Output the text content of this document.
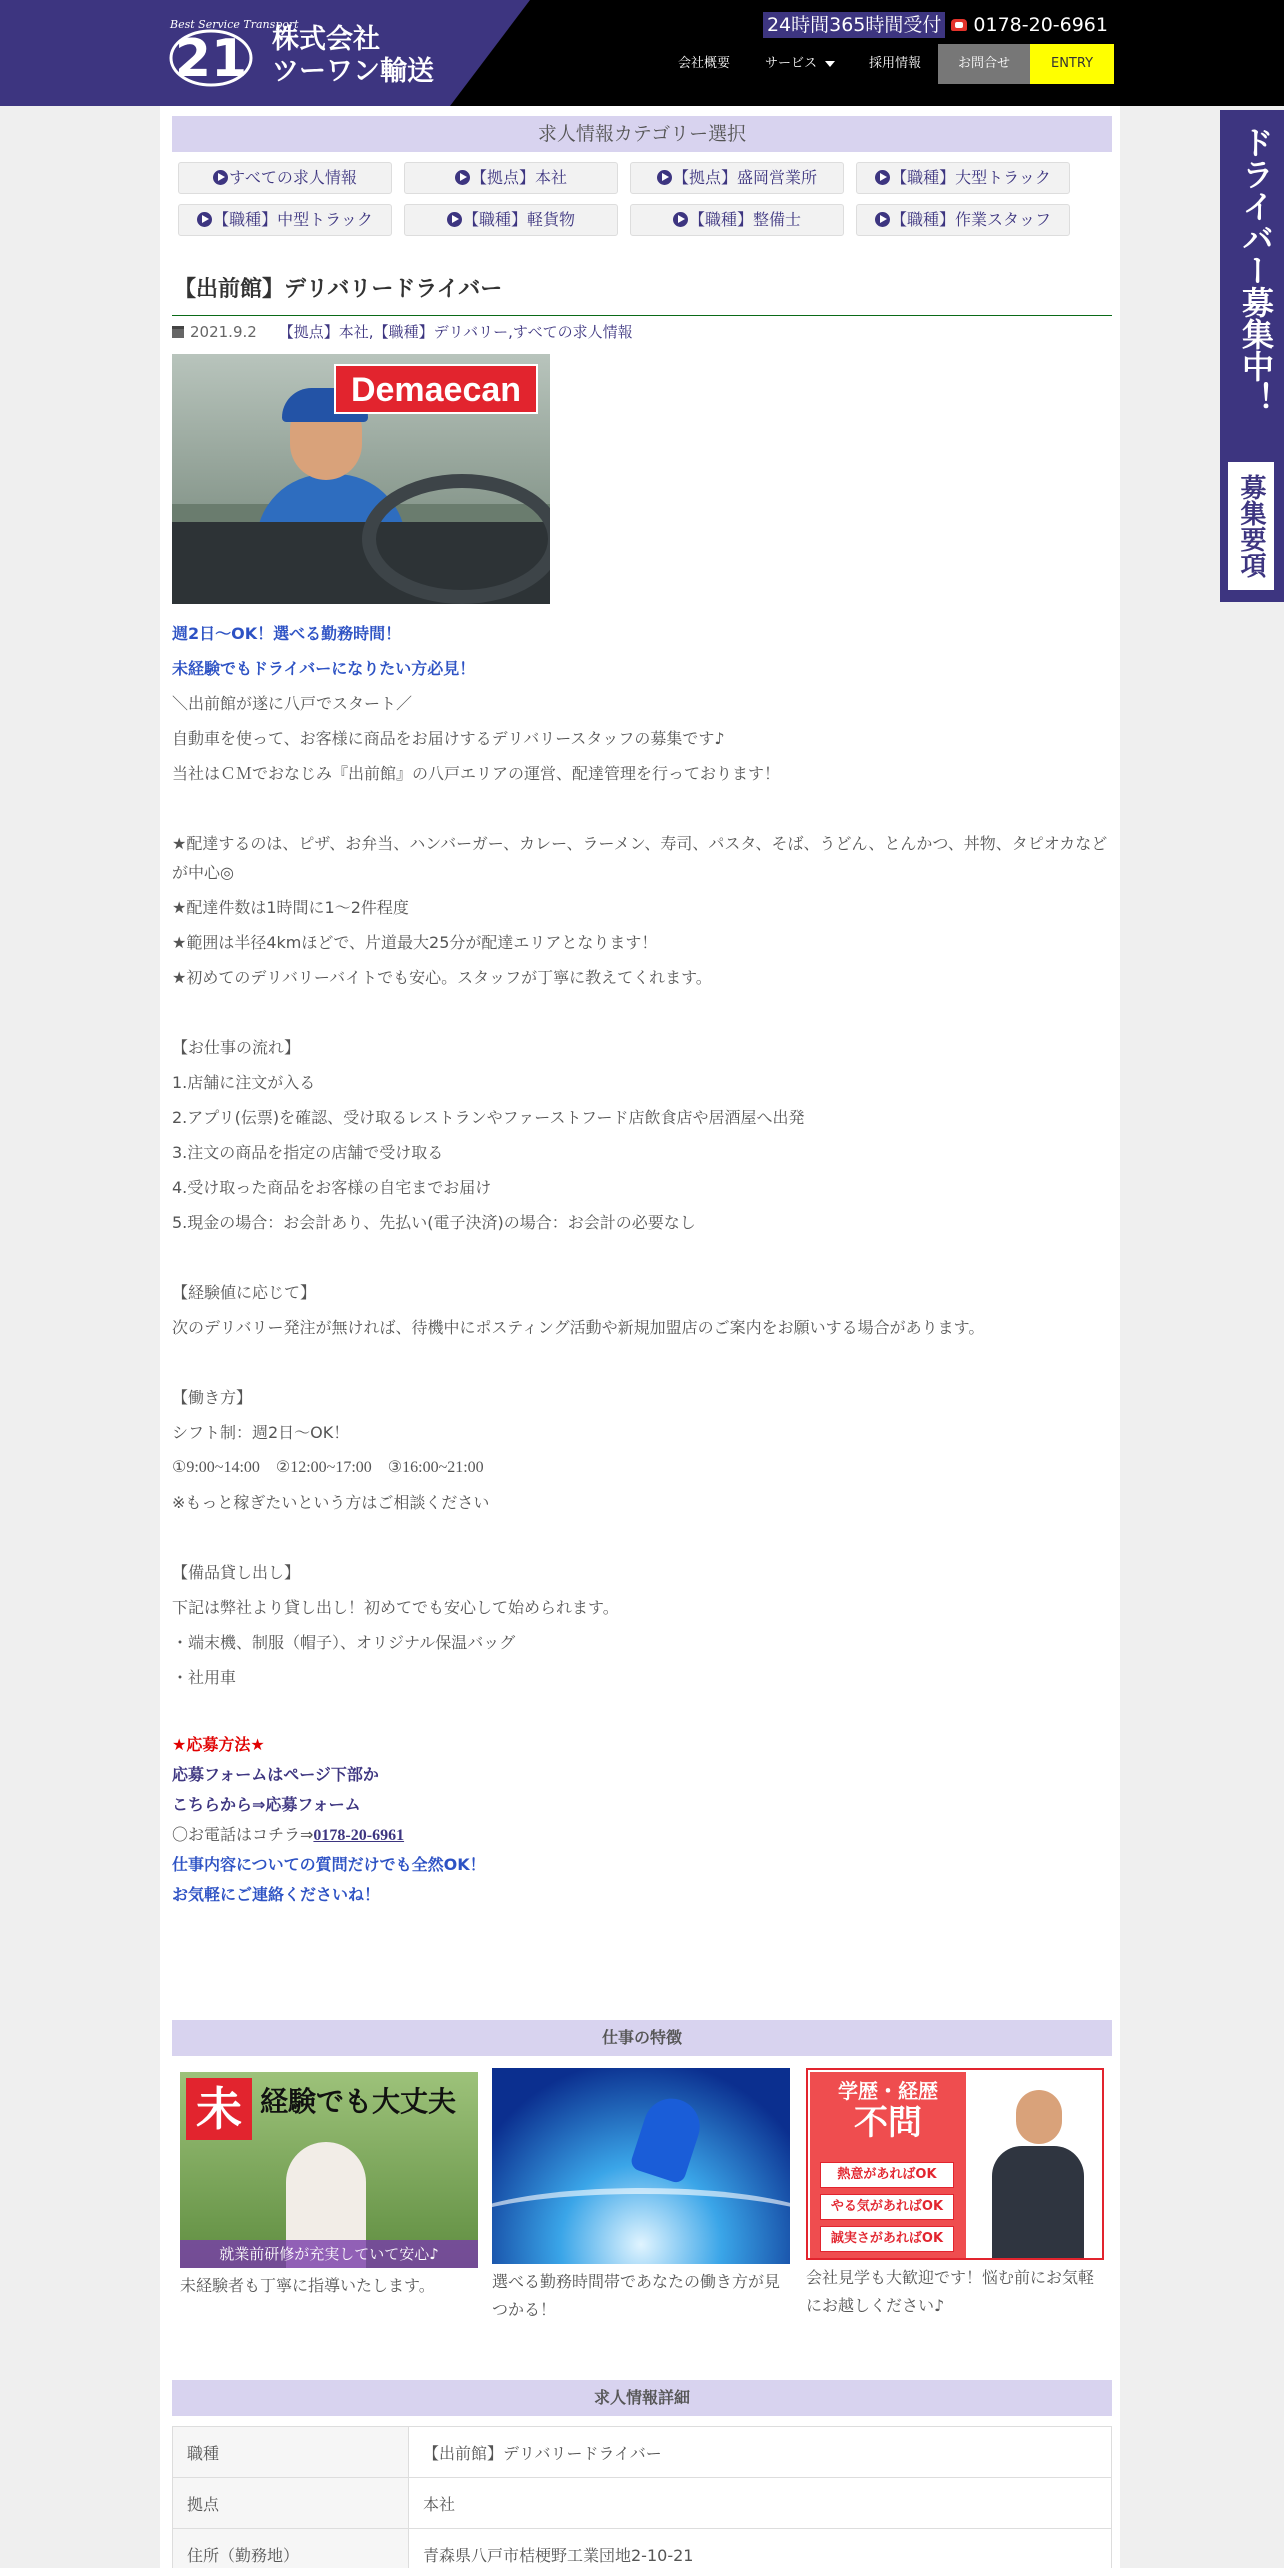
Best Service Transport
21 株式会社
ツーワン輸送
24時間365時間受付 0178-20-6961
会社概要	サービス	採用情報	お問合せ	ENTRY
ドライバー募集中！
募集要項
求人情報カテゴリー選択
すべての求人情報	【拠点】本社	【拠点】盛岡営業所	【職種】大型トラック
【職種】中型トラック	【職種】軽貨物	【職種】整備士	【職種】作業スタッフ
【出前館】デリバリードライバー
2021.9.2 【拠点】本社,【職種】デリバリー,すべての求人情報
Demaecan
週2日～OK！選べる勤務時間！
未経験でもドライバーになりたい方必見！
＼出前館が遂に八戸でスタート／
自動車を使って、お客様に商品をお届けするデリバリースタッフの募集です♪
当社はＣＭでおなじみ『出前館』の八戸エリアの運営、配達管理を行っております！
★配達するのは、ピザ、お弁当、ハンバーガー、カレー、ラーメン、寿司、パスタ、そば、うどん、とんかつ、丼物、タピオカなどが中心◎
★配達件数は1時間に1～2件程度
★範囲は半径4kmほどで、片道最大25分が配達エリアとなります！
★初めてのデリバリーバイトでも安心。スタッフが丁寧に教えてくれます。
【お仕事の流れ】
1.店舗に注文が入る
2.アプリ(伝票)を確認、受け取るレストランやファーストフード店飲食店や居酒屋へ出発
3.注文の商品を指定の店舗で受け取る
4.受け取った商品をお客様の自宅までお届け
5.現金の場合：お会計あり、先払い(電子決済)の場合：お会計の必要なし
【経験値に応じて】
次のデリバリー発注が無ければ、待機中にポスティング活動や新規加盟店のご案内をお願いする場合があります。
【働き方】
シフト制：週2日～OK！
①9:00~14:00　②12:00~17:00　③16:00~21:00
※もっと稼ぎたいという方はご相談ください
【備品貸し出し】
下記は弊社より貸し出し！初めてでも安心して始められます。
・端末機、制服（帽子）、オリジナル保温バッグ
・社用車
★応募方法★
応募フォームはページ下部か
こちらから⇒応募フォーム
〇お電話はコチラ⇒0178-20-6961
仕事内容についての質問だけでも全然OK！
お気軽にご連絡くださいね！
仕事の特徴
未 経験でも大丈夫
就業前研修が充実していて安心♪

未経験者も丁寧に指導いたします。	選べる勤務時間帯であなたの働き方が見つかる！

学歴・経歴
不問
熱意があればOK
やる気があればOK
誠実さがあればOK

会社見学も大歓迎です！悩む前にお気軽にお越しください♪

求人情報詳細
職種	【出前館】デリバリードライバー
拠点	本社
住所（勤務地）	青森県八戸市桔梗野工業団地2-10-21
